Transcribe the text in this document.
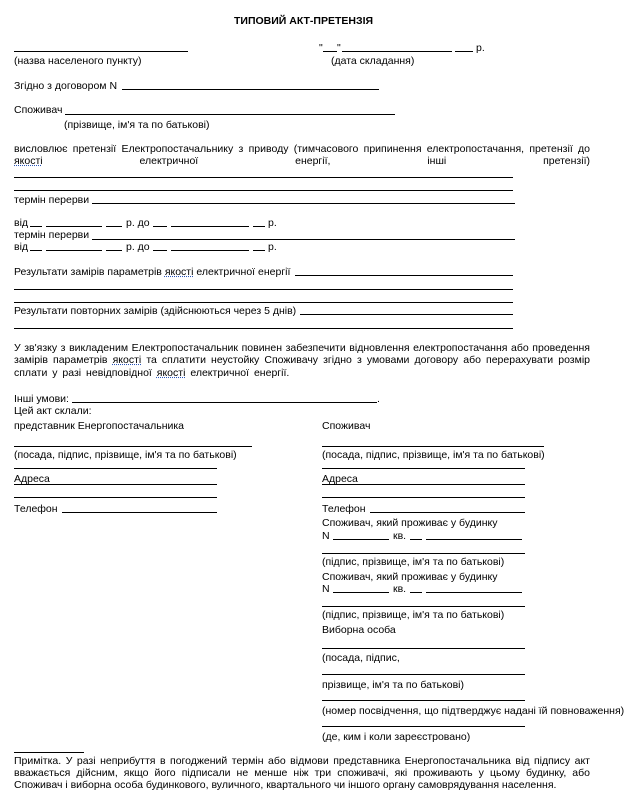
ТИПОВИЙ АКТ-ПРЕТЕНЗІЯ
" "	р.
(назва населеного пункту)	(дата складання)
Згідно з договором N
Споживач
(прізвище, ім'я та по батькові)
висловлює претензії Електропостачальнику з приводу (тимчасового припинення електропостачання, претензії до
якості	електричної	енергії,	інші	претензії)
термін перерви
від	р. до	р.
термін перерви
від	р. до	р.
Результати замірів параметрів якості електричної енергії
Результати повторних замірів (здійснюються через 5 днів)
У зв'язку з викладеним Електропостачальник повинен забезпечити відновлення електропостачання або проведення
замірів параметрів якості та сплатити неустойку Споживачу згідно з умовами договору або перерахувати розмір
сплати у разі невідповідної якості електричної енергії.
Інші умови:	.
Цей акт склали:
представник Енергопостачальника
(посада, підпис, прізвище, ім'я та по батькові)
Адреса
Телефон
Споживач
(посада, підпис, прізвище, ім'я та по батькові)
Адреса
Телефон
Споживач, який проживає у будинку
N	кв.
(підпис, прізвище, ім'я та по батькові)
Споживач, який проживає у будинку
N	кв.
(підпис, прізвище, ім'я та по батькові)
Виборна особа
(посада, підпис,
прізвище, ім'я та по батькові)
(номер посвідчення, що підтверджує надані їй повноваження)
(де, ким і коли зареєстровано)
Примітка. У разі неприбуття в погоджений термін або відмови представника Енергопостачальника від підпису акт
вважається дійсним, якщо його підписали не менше ніж три споживачі, які проживають у цьому будинку, або
Споживач і виборна особа будинкового, вуличного, квартального чи іншого органу самоврядування населення.
